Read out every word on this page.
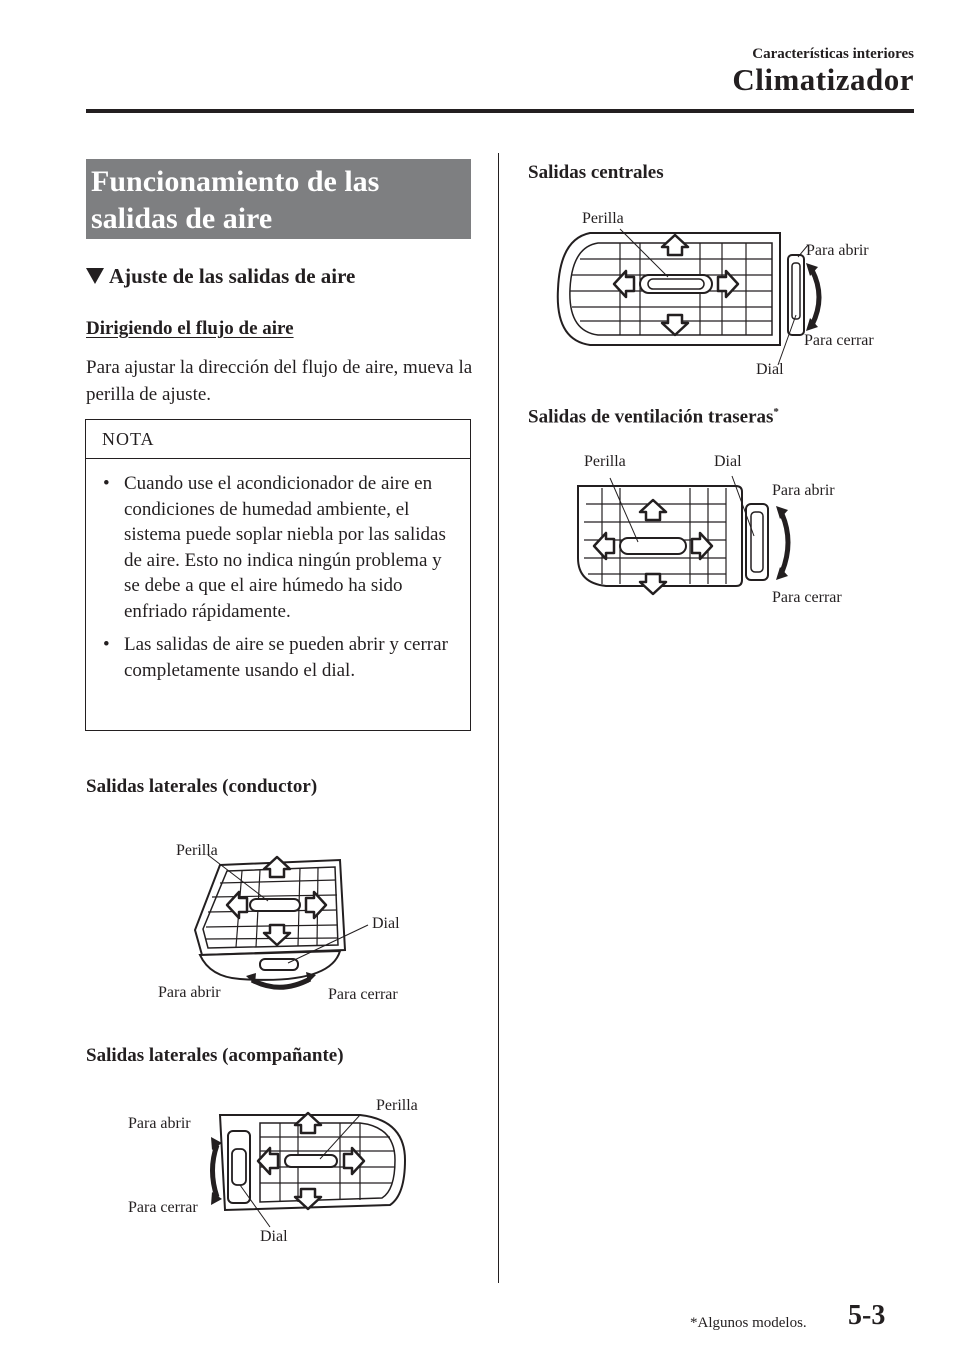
Características interiores
Climatizador
Funcionamiento de las
salidas de aire
Ajuste de las salidas de aire
Dirigiendo el flujo de aire
Para ajustar la dirección del flujo de aire, mueva la perilla de ajuste.
NOTA
• Cuando use el acondicionador de aire en condiciones de humedad ambiente, el sistema puede soplar niebla por las salidas de aire. Esto no indica ningún problema y se debe a que el aire húmedo ha sido enfriado rápidamente.
• Las salidas de aire se pueden abrir y cerrar completamente usando el dial.
Salidas laterales (conductor)
Perilla
Dial
Para abrir	Para cerrar
Salidas laterales (acompañante)
Perilla
Para abrir
Para cerrar
Dial
Salidas centrales
Perilla
Para abrir
Para cerrar
Dial
Salidas de ventilación traseras*
Perilla	Dial
Para abrir
Para cerrar
*Algunos modelos. 5-3
